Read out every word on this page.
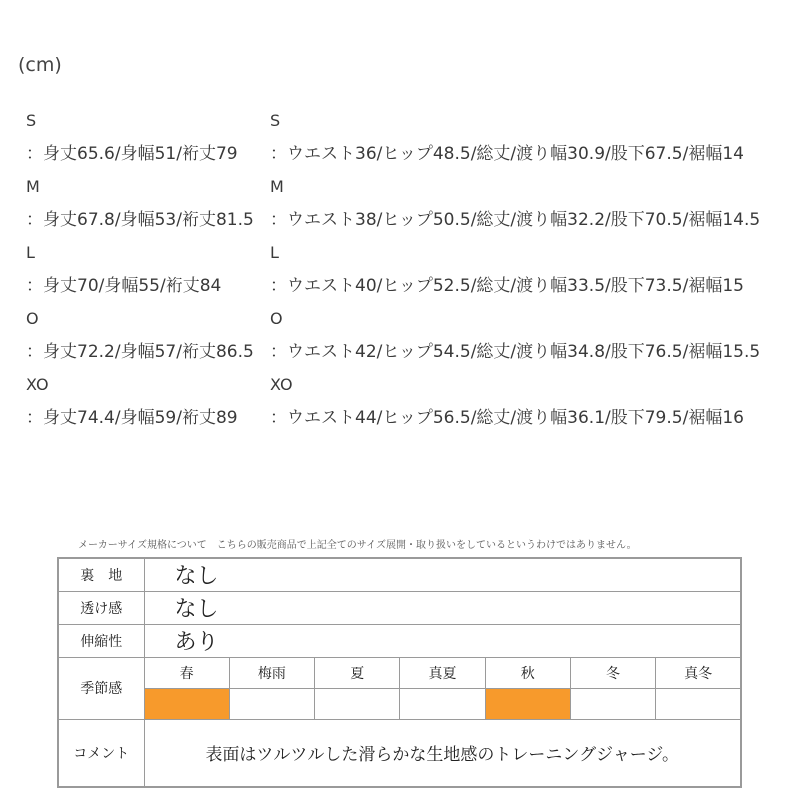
(cm)
S
：身丈65.6/身幅51/裄丈79
M
：身丈67.8/身幅53/裄丈81.5
L
：身丈70/身幅55/裄丈84
O
：身丈72.2/身幅57/裄丈86.5
XO
：身丈74.4/身幅59/裄丈89
S
：ウエスト36/ヒップ48.5/総丈/渡り幅30.9/股下67.5/裾幅14
M
：ウエスト38/ヒップ50.5/総丈/渡り幅32.2/股下70.5/裾幅14.5
L
：ウエスト40/ヒップ52.5/総丈/渡り幅33.5/股下73.5/裾幅15
O
：ウエスト42/ヒップ54.5/総丈/渡り幅34.8/股下76.5/裾幅15.5
XO
：ウエスト44/ヒップ56.5/総丈/渡り幅36.1/股下79.5/裾幅16
メーカーサイズ規格について　こちらの販売商品で上記全てのサイズ展開・取り扱いをしているというわけではありません。
裏　地	なし						
透け感	なし						
伸縮性	あり						
季節感	春	梅雨	夏	真夏	秋	冬	真冬

コメント	表面はツルツルした滑らかな生地感のトレーニングジャージ。						
